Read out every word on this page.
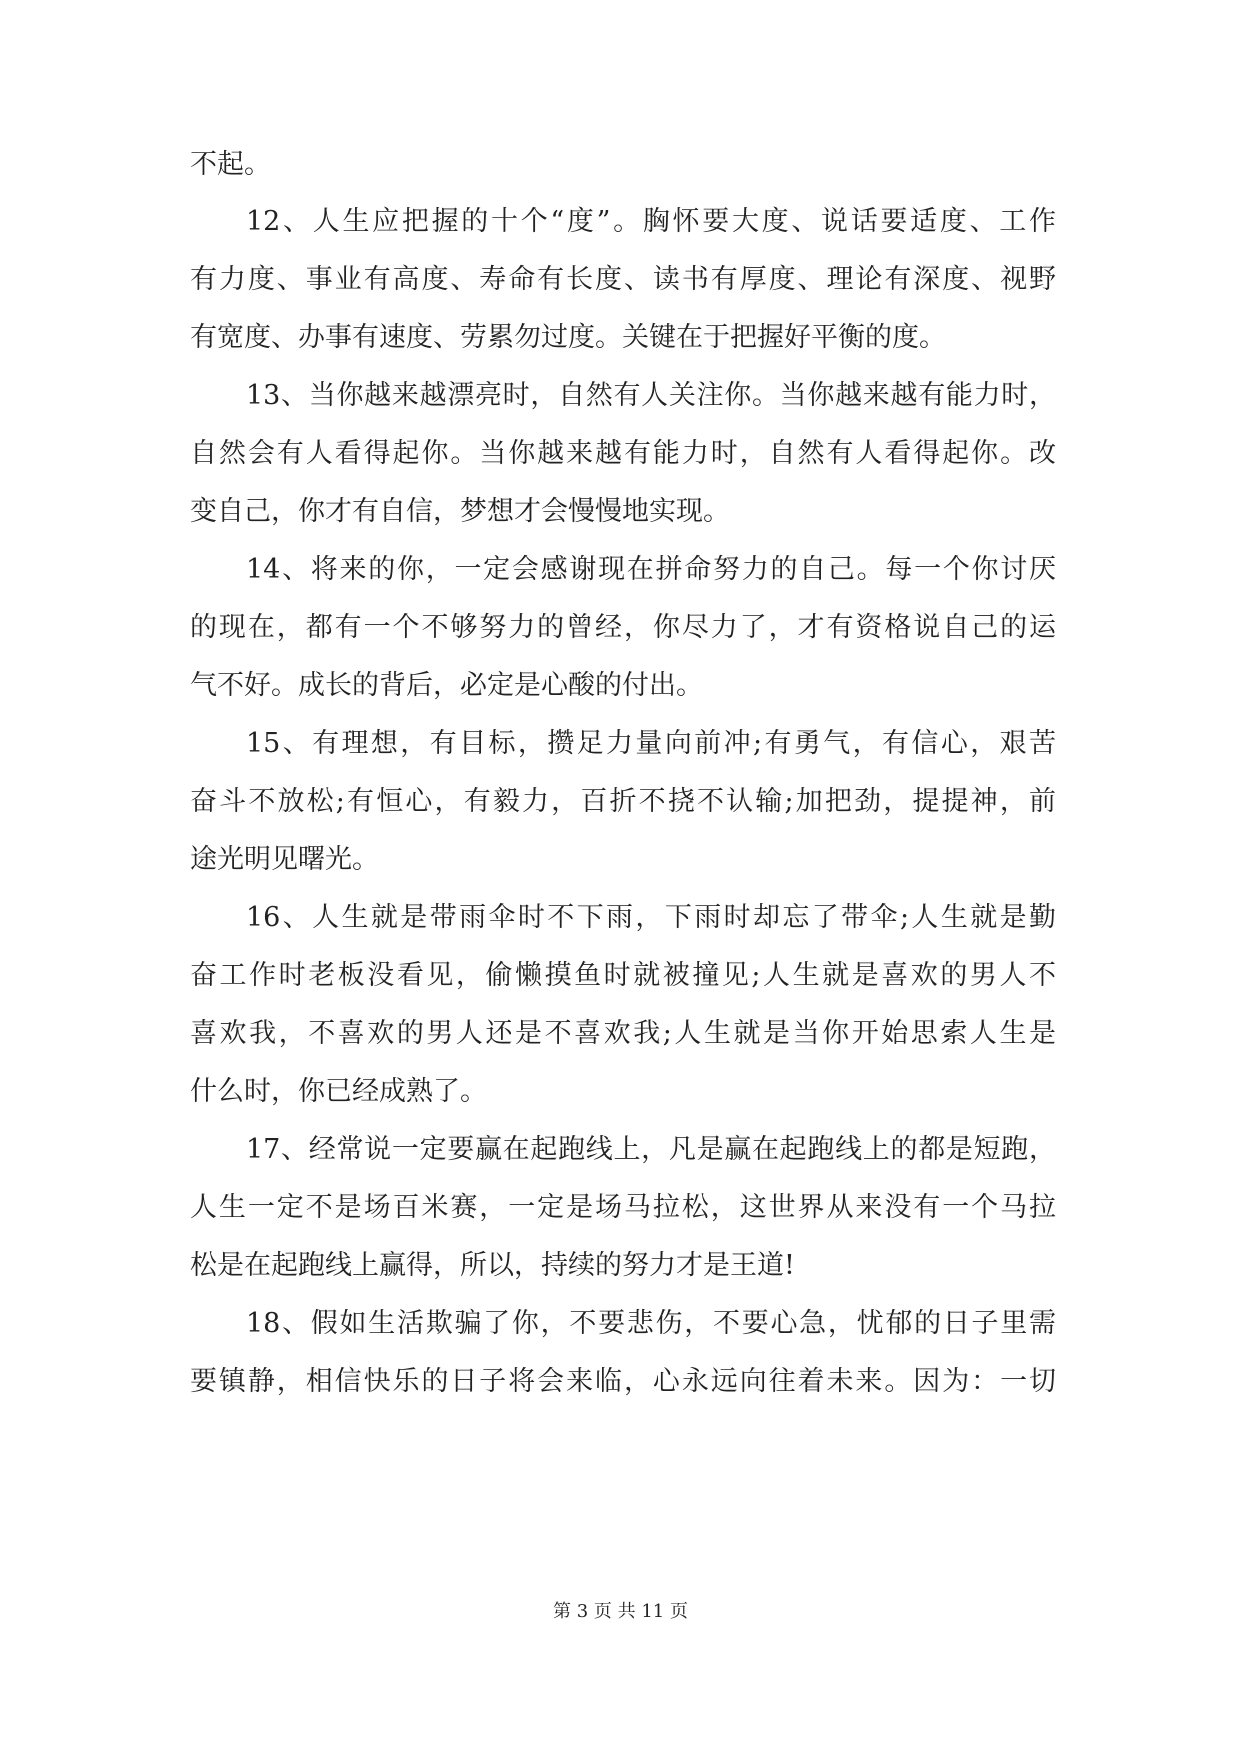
不起。
12、人生应把握的十个“度”。胸怀要大度、说话要适度、工作
有力度、事业有高度、寿命有长度、读书有厚度、理论有深度、视野
有宽度、办事有速度、劳累勿过度。关键在于把握好平衡的度。
13、当你越来越漂亮时，自然有人关注你。当你越来越有能力时，
自然会有人看得起你。当你越来越有能力时，自然有人看得起你。改
变自己，你才有自信，梦想才会慢慢地实现。
14、将来的你，一定会感谢现在拼命努力的自己。每一个你讨厌
的现在，都有一个不够努力的曾经，你尽力了，才有资格说自己的运
气不好。成长的背后，必定是心酸的付出。
15、有理想，有目标，攒足力量向前冲;有勇气，有信心，艰苦
奋斗不放松;有恒心，有毅力，百折不挠不认输;加把劲，提提神，前
途光明见曙光。
16、人生就是带雨伞时不下雨，下雨时却忘了带伞;人生就是勤
奋工作时老板没看见，偷懒摸鱼时就被撞见;人生就是喜欢的男人不
喜欢我，不喜欢的男人还是不喜欢我;人生就是当你开始思索人生是
什么时，你已经成熟了。
17、经常说一定要赢在起跑线上，凡是赢在起跑线上的都是短跑，
人生一定不是场百米赛，一定是场马拉松，这世界从来没有一个马拉
松是在起跑线上赢得，所以，持续的努力才是王道!
18、假如生活欺骗了你，不要悲伤，不要心急，忧郁的日子里需
要镇静，相信快乐的日子将会来临，心永远向往着未来。因为：一切
第 3 页 共 11 页
